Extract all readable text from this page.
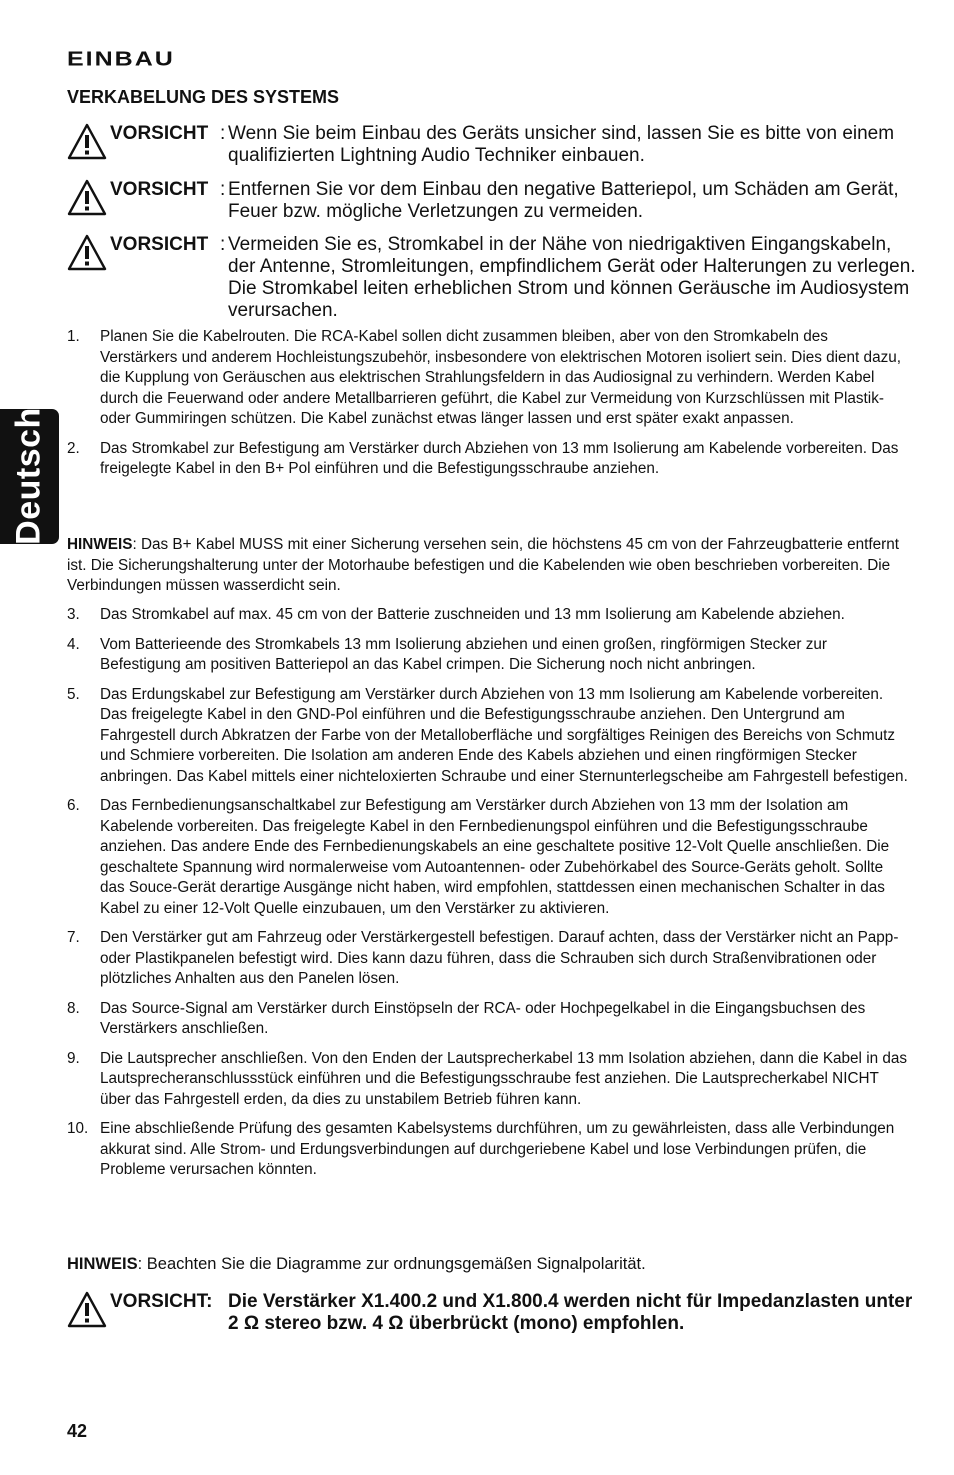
EINBAU
VERKABELUNG DES SYSTEMS
Deutsch
VORSICHT : Wenn Sie beim Einbau des Geräts unsicher sind, lassen Sie es bitte von einem qualifizierten Lightning Audio Techniker einbauen.
VORSICHT : Entfernen Sie vor dem Einbau den negative Batteriepol, um Schäden am Gerät, Feuer bzw. mögliche Verletzungen zu vermeiden.
VORSICHT : Vermeiden Sie es, Stromkabel in der Nähe von niedrigaktiven Eingangskabeln, der Antenne, Stromleitungen, empfindlichem Gerät oder Halterungen zu verlegen. Die Stromkabel leiten erheblichen Strom und können Geräusche im Audiosystem verursachen.
1. Planen Sie die Kabelrouten. Die RCA-Kabel sollen dicht zusammen bleiben, aber von den Stromkabeln des Verstärkers und anderem Hochleistungszubehör, insbesondere von elektrischen Motoren isoliert sein. Dies dient dazu, die Kupplung von Geräuschen aus elektrischen Strahlungsfeldern in das Audiosignal zu verhindern. Werden Kabel durch die Feuerwand oder andere Metallbarrieren geführt, die Kabel zur Vermeidung von Kurzschlüssen mit Plastik- oder Gummiringen schützen. Die Kabel zunächst etwas länger lassen und erst später exakt anpassen.
2. Das Stromkabel zur Befestigung am Verstärker durch Abziehen von 13 mm Isolierung am Kabelende vorbereiten. Das freigelegte Kabel in den B+ Pol einführen und die Befestigungsschraube anziehen.
HINWEIS: Das B+ Kabel MUSS mit einer Sicherung versehen sein, die höchstens 45 cm von der Fahrzeugbatterie entfernt ist. Die Sicherungshalterung unter der Motorhaube befestigen und die Kabelenden wie oben beschrieben vorbereiten. Die Verbindungen müssen wasserdicht sein.
3. Das Stromkabel auf max. 45 cm von der Batterie zuschneiden und 13 mm Isolierung am Kabelende abziehen.
4. Vom Batterieende des Stromkabels 13 mm Isolierung abziehen und einen großen, ringförmigen Stecker zur Befestigung am positiven Batteriepol an das Kabel crimpen. Die Sicherung noch nicht anbringen.
5. Das Erdungskabel zur Befestigung am Verstärker durch Abziehen von 13 mm Isolierung am Kabelende vorbereiten. Das freigelegte Kabel in den GND-Pol einführen und die Befestigungsschraube anziehen. Den Untergrund am Fahrgestell durch Abkratzen der Farbe von der Metalloberfläche und sorgfältiges Reinigen des Bereichs von Schmutz und Schmiere vorbereiten. Die Isolation am anderen Ende des Kabels abziehen und einen ringförmigen Stecker anbringen. Das Kabel mittels einer nichteloxierten Schraube und einer Sternunterlegscheibe am Fahrgestell befestigen.
6. Das Fernbedienungsanschaltkabel zur Befestigung am Verstärker durch Abziehen von 13 mm der Isolation am Kabelende vorbereiten. Das freigelegte Kabel in den Fernbedienungspol einführen und die Befestigungsschraube anziehen. Das andere Ende des Fernbedienungskabels an eine geschaltete positive 12-Volt Quelle anschließen. Die geschaltete Spannung wird normalerweise vom Autoantennen- oder Zubehörkabel des Source-Geräts geholt. Sollte das Souce-Gerät derartige Ausgänge nicht haben, wird empfohlen, stattdessen einen mechanischen Schalter in das Kabel zu einer 12-Volt Quelle einzubauen, um den Verstärker zu aktivieren.
7. Den Verstärker gut am Fahrzeug oder Verstärkergestell befestigen. Darauf achten, dass der Verstärker nicht an Papp- oder Plastikpanelen befestigt wird. Dies kann dazu führen, dass die Schrauben sich durch Straßenvibrationen oder plötzliches Anhalten aus den Panelen lösen.
8. Das Source-Signal am Verstärker durch Einstöpseln der RCA- oder Hochpegelkabel in die Eingangsbuchsen des Verstärkers anschließen.
9. Die Lautsprecher anschließen. Von den Enden der Lautsprecherkabel 13 mm Isolation abziehen, dann die Kabel in das Lautsprecheranschlussstück einführen und die Befestigungsschraube fest anziehen. Die Lautsprecherkabel NICHT über das Fahrgestell erden, da dies zu unstabilem Betrieb führen kann.
10. Eine abschließende Prüfung des gesamten Kabelsystems durchführen, um zu gewährleisten, dass alle Verbindungen akkurat sind. Alle Strom- und Erdungsverbindungen auf durchgeriebene Kabel und lose Verbindungen prüfen, die Probleme verursachen könnten.
HINWEIS: Beachten Sie die Diagramme zur ordnungsgemäßen Signalpolarität.
VORSICHT: Die Verstärker X1.400.2 und X1.800.4 werden nicht für Impedanzlasten unter 2 Ω stereo bzw. 4 Ω überbrückt (mono) empfohlen.
42
